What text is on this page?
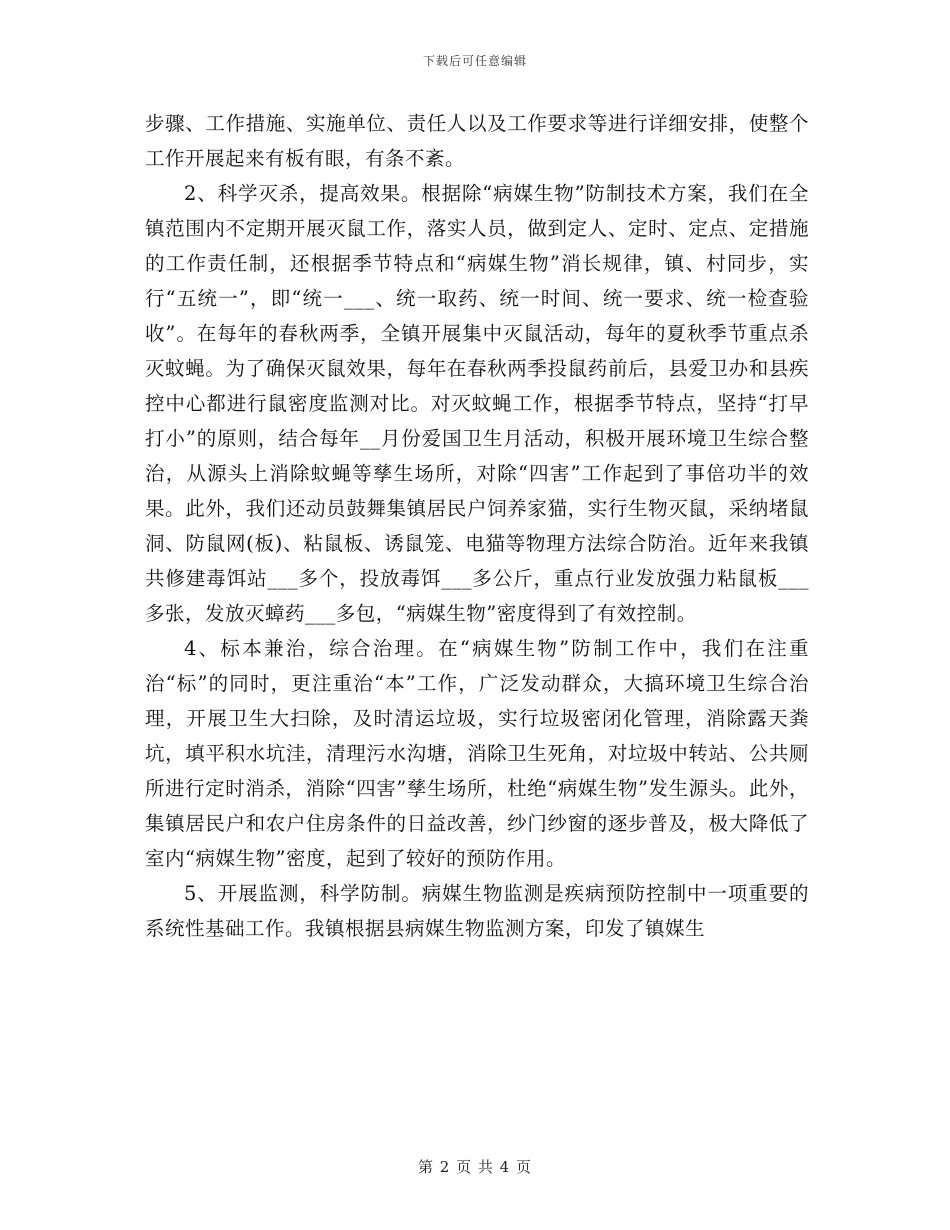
下载后可任意编辑

步骤、工作措施、实施单位、责任人以及工作要求等进行详细安排，使整个工作开展起来有板有眼，有条不紊。

2、科学灭杀，提高效果。根据除“病媒生物”防制技术方案，我们在全镇范围内不定期开展灭鼠工作，落实人员，做到定人、定时、定点、定措施的工作责任制，还根据季节特点和“病媒生物”消长规律，镇、村同步，实行“五统一”，即“统一___、统一取药、统一时间、统一要求、统一检查验收”。在每年的春秋两季，全镇开展集中灭鼠活动，每年的夏秋季节重点杀灭蚊蝇。为了确保灭鼠效果，每年在春秋两季投鼠药前后，县爱卫办和县疾控中心都进行鼠密度监测对比。对灭蚊蝇工作，根据季节特点，坚持“打早打小”的原则，结合每年__月份爱国卫生月活动，积极开展环境卫生综合整治，从源头上消除蚊蝇等孳生场所，对除“四害”工作起到了事倍功半的效果。此外，我们还动员鼓舞集镇居民户饲养家猫，实行生物灭鼠，采纳堵鼠洞、防鼠网(板)、粘鼠板、诱鼠笼、电猫等物理方法综合防治。近年来我镇共修建毒饵站___多个，投放毒饵___多公斤，重点行业发放强力粘鼠板___多张，发放灭蟑药___多包，“病媒生物”密度得到了有效控制。

4、标本兼治，综合治理。在“病媒生物”防制工作中，我们在注重治“标”的同时，更注重治“本”工作，广泛发动群众，大搞环境卫生综合治理，开展卫生大扫除，及时清运垃圾，实行垃圾密闭化管理，消除露天粪坑，填平积水坑洼，清理污水沟塘，消除卫生死角，对垃圾中转站、公共厕所进行定时消杀，消除“四害”孳生场所，杜绝“病媒生物”发生源头。此外，集镇居民户和农户住房条件的日益改善，纱门纱窗的逐步普及，极大降低了室内“病媒生物”密度，起到了较好的预防作用。

5、开展监测，科学防制。病媒生物监测是疾病预防控制中一项重要的系统性基础工作。我镇根据县病媒生物监测方案，印发了镇媒生

第 2 页 共 4 页
